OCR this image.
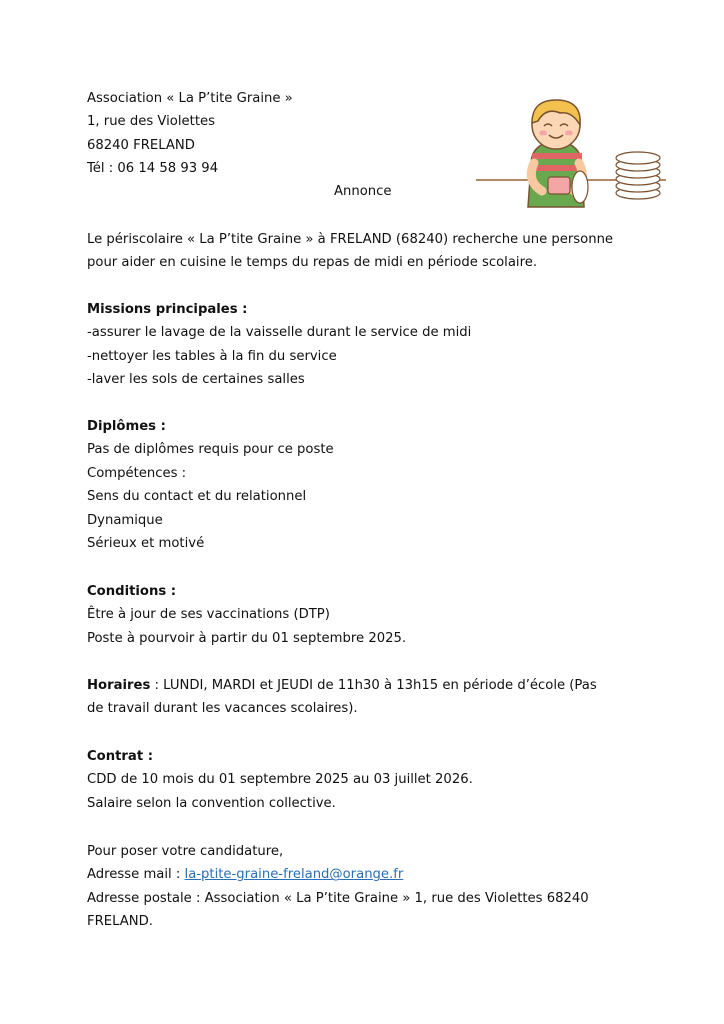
Association « La P’tite Graine »
1, rue des Violettes
68240 FRELAND
Tél : 06 14 58 93 94
Annonce
Le périscolaire « La P’tite Graine » à FRELAND (68240) recherche une personne
pour aider en cuisine le temps du repas de midi en période scolaire.
Missions principales :
-assurer le lavage de la vaisselle durant le service de midi
-nettoyer les tables à la fin du service
-laver les sols de certaines salles
Diplômes :
Pas de diplômes requis pour ce poste
Compétences :
Sens du contact et du relationnel
Dynamique
Sérieux et motivé
Conditions :
Être à jour de ses vaccinations (DTP)
Poste à pourvoir à partir du 01 septembre 2025.
Horaires : LUNDI, MARDI et JEUDI de 11h30 à 13h15 en période d’école (Pas
de travail durant les vacances scolaires).
Contrat :
CDD de 10 mois du 01 septembre 2025 au 03 juillet 2026.
Salaire selon la convention collective.
Pour poser votre candidature,
Adresse mail : la-ptite-graine-freland@orange.fr
Adresse postale : Association « La P’tite Graine » 1, rue des Violettes 68240
FRELAND.
